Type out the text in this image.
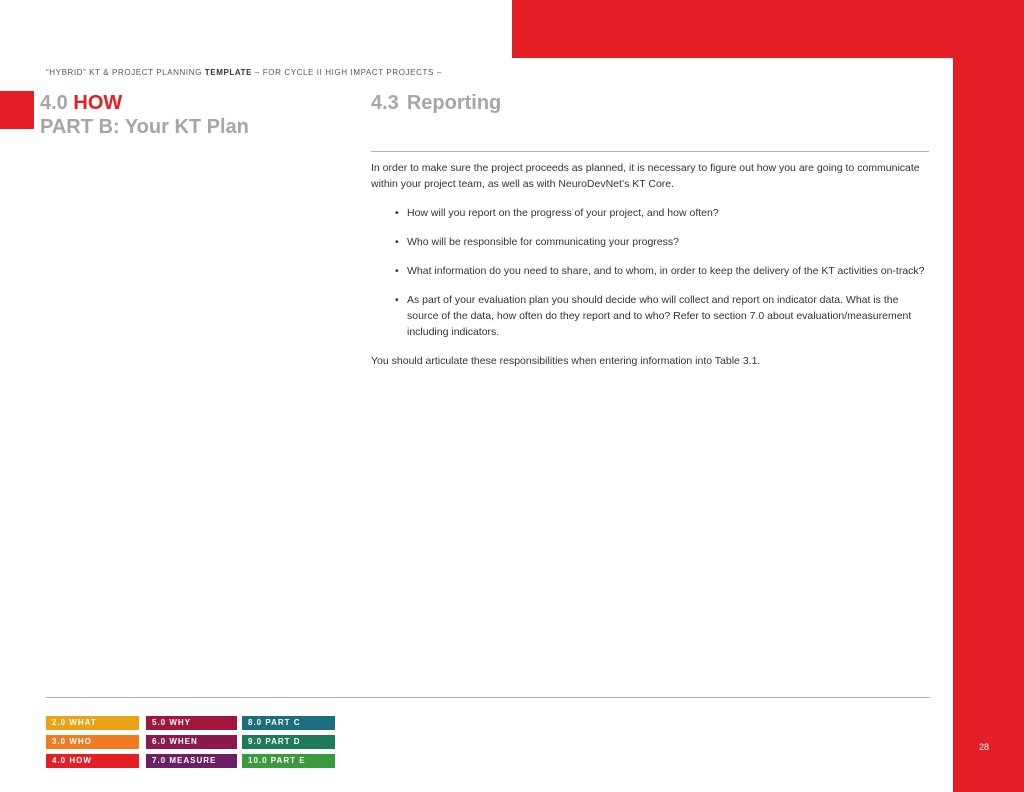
“HYBRID” KT & PROJECT PLANNING TEMPLATE – FOR CYCLE II HIGH IMPACT PROJECTS –
4.0 HOW
PART B: Your KT Plan
4.3 Reporting

In order to make sure the project proceeds as planned, it is necessary to figure out how you are going to communicate within your project team, as well as with NeuroDevNet’s KT Core.

• How will you report on the progress of your project, and how often?
• Who will be responsible for communicating your progress?
• What information do you need to share, and to whom, in order to keep the delivery of the KT activities on-track?
• As part of your evaluation plan you should decide who will collect and report on indicator data. What is the source of the data, how often do they report and to who? Refer to section 7.0 about evaluation/measurement including indicators.

You should articulate these responsibilities when entering information into Table 3.1.

2.0 WHAT
3.0 WHO
4.0 HOW
5.0 WHY
6.0 WHEN
7.0 MEASURE
8.0 PART C
9.0 PART D
10.0 PART E
28
